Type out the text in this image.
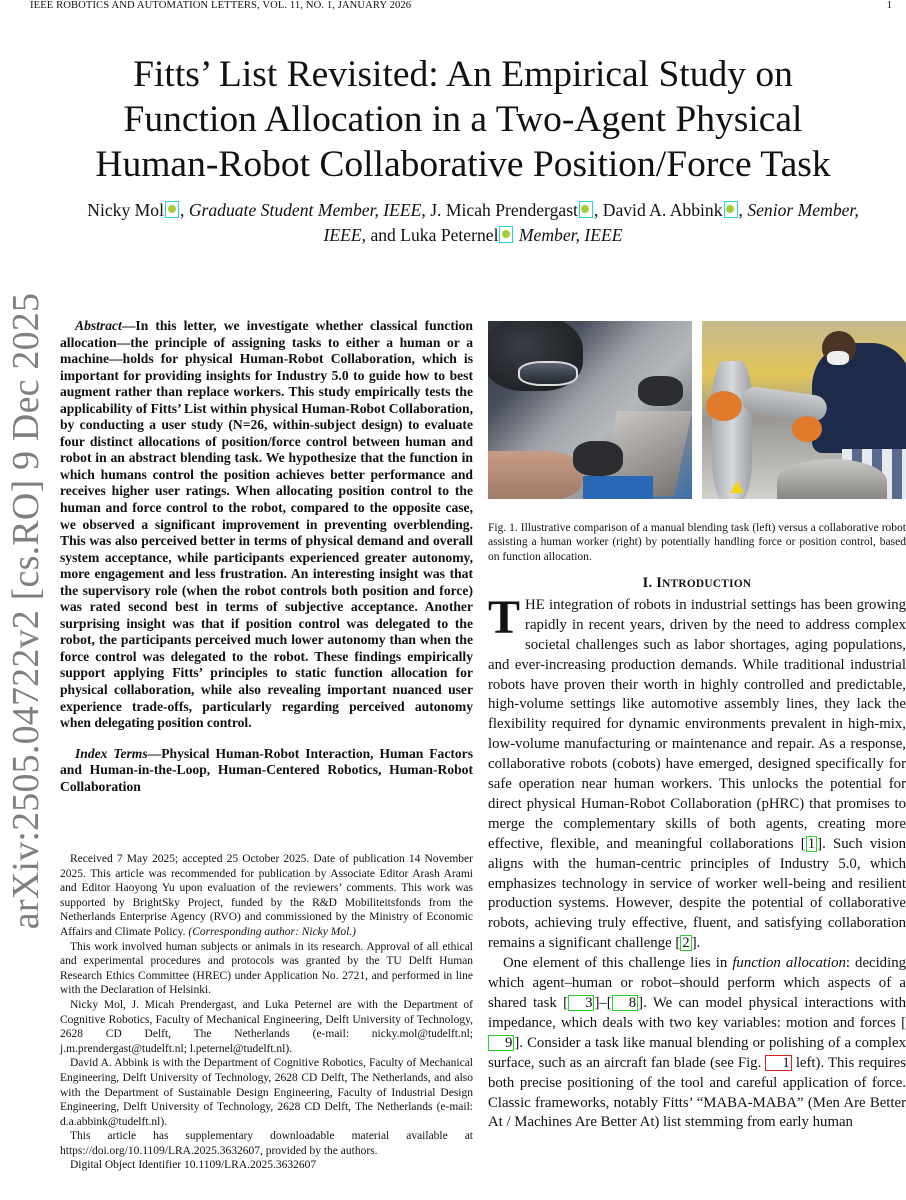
IEEE ROBOTICS AND AUTOMATION LETTERS, VOL. 11, NO. 1, JANUARY 2026	1
Fitts’ List Revisited: An Empirical Study on
Function Allocation in a Two-Agent Physical
Human-Robot Collaborative Position/Force Task
Nicky Mol , Graduate Student Member, IEEE, J. Micah Prendergast , David A. Abbink , Senior Member,
IEEE, and Luka Peternel Member, IEEE
arXiv:2505.04722v2 [cs.RO] 9 Dec 2025	Abstract—In this letter, we investigate whether classical function allocation—the principle of assigning tasks to either a human or a machine—holds for physical Human-Robot Collaboration, which is important for providing insights for Industry 5.0 to guide how to best augment rather than replace workers. This study empirically tests the applicability of Fitts’ List within physical Human-Robot Collaboration, by conducting a user study (N=26, within-subject design) to evaluate four distinct allocations of position/force control between human and robot in an abstract blending task. We hypothesize that the function in which humans control the position achieves better performance and receives higher user ratings. When allocating position control to the human and force control to the robot, compared to the opposite case, we observed a significant improvement in preventing overblending. This was also perceived better in terms of physical demand and overall system acceptance, while participants experienced greater autonomy, more engagement and less frustration. An interesting insight was that the supervisory role (when the robot controls both position and force) was rated second best in terms of subjective acceptance. Another surprising insight was that if position control was delegated to the robot, the participants perceived much lower autonomy than when the force control was delegated to the robot. These findings empirically support applying Fitts’ principles to static function allocation for physical collaboration, while also revealing important nuanced user experience trade-offs, particularly regarding perceived autonomy when delegating position control.

Index Terms—Physical Human-Robot Interaction, Human Factors and Human-in-the-Loop, Human-Centered Robotics, Human-Robot Collaboration

Received 7 May 2025; accepted 25 October 2025. Date of publication 14 November 2025. This article was recommended for publication by Associate Editor Arash Arami and Editor Haoyong Yu upon evaluation of the reviewers’ comments. This work was supported by BrightSky Project, funded by the R&D Mobiliteitsfonds from the Netherlands Enterprise Agency (RVO) and commissioned by the Ministry of Economic Affairs and Climate Policy. (Corresponding author: Nicky Mol.)

This work involved human subjects or animals in its research. Approval of all ethical and experimental procedures and protocols was granted by the TU Delft Human Research Ethics Committee (HREC) under Application No. 2721, and performed in line with the Declaration of Helsinki.

Nicky Mol, J. Micah Prendergast, and Luka Peternel are with the Department of Cognitive Robotics, Faculty of Mechanical Engineering, Delft University of Technology, 2628 CD Delft, The Netherlands (e-mail: nicky.mol@tudelft.nl; j.m.prendergast@tudelft.nl; l.peternel@tudelft.nl).

David A. Abbink is with the Department of Cognitive Robotics, Faculty of Mechanical Engineering, Delft University of Technology, 2628 CD Delft, The Netherlands, and also with the Department of Sustainable Design Engineering, Faculty of Industrial Design Engineering, Delft University of Technology, 2628 CD Delft, The Netherlands (e-mail: d.a.abbink@tudelft.nl).

This article has supplementary downloadable material available at https://doi.org/10.1109/LRA.2025.3632607, provided by the authors.

Digital Object Identifier 10.1109/LRA.2025.3632607

Fig. 1. Illustrative comparison of a manual blending task (left) versus a collaborative robot assisting a human worker (right) by potentially handling force or position control, based on function allocation.

I. INTRODUCTION

THE integration of robots in industrial settings has been growing rapidly in recent years, driven by the need to address complex societal challenges such as labor shortages, aging populations, and ever-increasing production demands. While traditional industrial robots have proven their worth in highly controlled and predictable, high-volume settings like automotive assembly lines, they lack the flexibility required for dynamic environments prevalent in high-mix, low-volume manufacturing or maintenance and repair. As a response, collaborative robots (cobots) have emerged, designed specifically for safe operation near human workers. This unlocks the potential for direct physical Human-Robot Collaboration (pHRC) that promises to merge the complementary skills of both agents, creating more effective, flexible, and meaningful collaborations [ 1 ]. Such vision aligns with the human-centric principles of Industry 5.0, which emphasizes technology in service of worker well-being and resilient production systems. However, despite the potential of collaborative robots, achieving truly effective, fluent, and satisfying collaboration remains a significant challenge [ 2 ].

One element of this challenge lies in function allocation: deciding which agent–human or robot–should perform which aspects of a shared task [ 3 ]–[ 8 ]. We can model physical interactions with impedance, which deals with two key variables: motion and forces [9 ]. Consider a task like manual blending or polishing of a complex surface, such as an aircraft fan blade (see Fig. 1 left). This requires both precise positioning of the tool and careful application of force. Classic frameworks, notably Fitts’ “MABA-MABA” (Men Are Better At / Machines Are Better At) list stemming from early human
